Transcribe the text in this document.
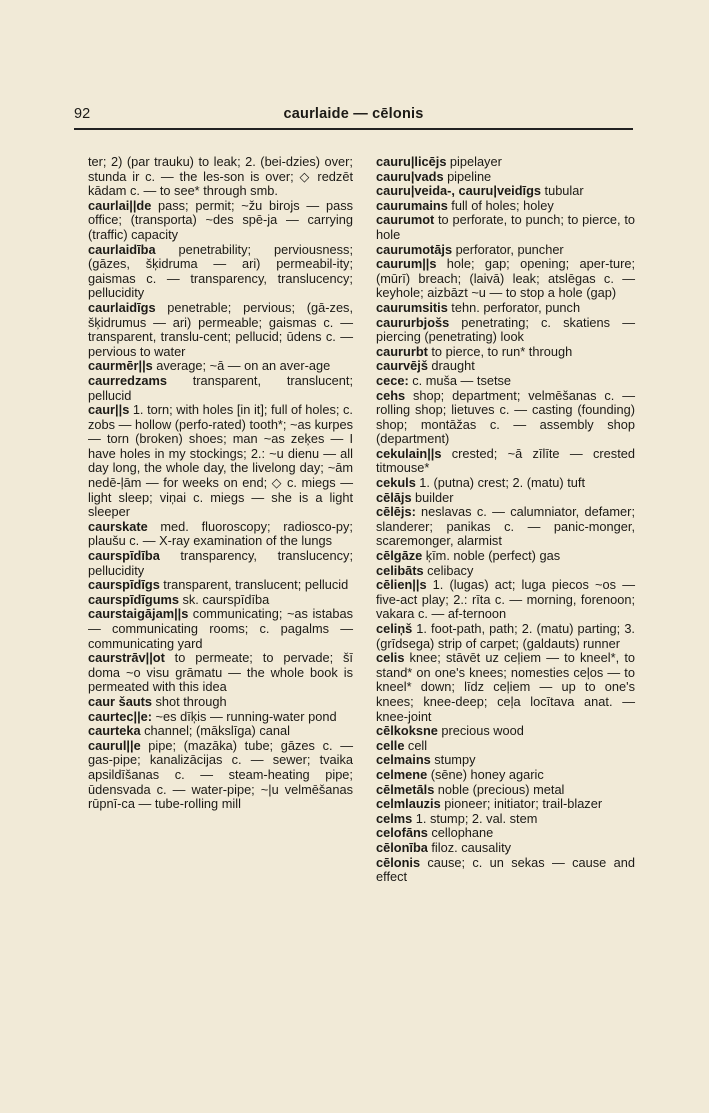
92	caurlaide — cēlonis
ter; 2) (par trauku) to leak; 2. (bei-dzies) over; stunda ir c. — the les-son is over; ◇ redzēt kādam c. — to see* through smb.
caurlai||de pass; permit; ~žu birojs — pass office; (transporta) ~des spē-ja — carrying (traffic) capacity
caurlaidība penetrability; perviousness; (gāzes, šķidruma — ari) permeabil-ity; gaismas c. — transparency, translucency; pellucidity
caurlaidīgs penetrable; pervious; (gā-zes, šķidrumus — ari) permeable; gaismas c. — transparent, translu-cent; pellucid; ūdens c. — pervious to water
caurmēr||s average; ~ā — on an aver-age
caurredzams transparent, translucent; pellucid
caur||s 1. torn; with holes [in it]; full of holes; c. zobs — hollow (perfo-rated) tooth*; ~as kurpes — torn (broken) shoes; man ~as zeķes — I have holes in my stockings; 2.: ~u dienu — all day long, the whole day, the livelong day; ~ām nedē-ļām — for weeks on end; ◇ c. miegs — light sleep; viņai c. miegs — she is a light sleeper
caurskate med. fluoroscopy; radiosco-py; plaušu c. — X-ray examination of the lungs
caurspīdība transparency, translucency; pellucidity
caurspīdīgs transparent, translucent; pellucid
caurspīdīgums sk. caurspīdība
caurstaigājam||s communicating; ~as istabas — communicating rooms; c. pagalms — communicating yard
caurstrāv||ot to permeate; to pervade; šī doma ~o visu grāmatu — the whole book is permeated with this idea
caur šauts shot through
caurtec||e: ~es dīķis — running-water pond
caurteka channel; (mākslīga) canal
caurul||e pipe; (mazāka) tube; gāzes c. — gas-pipe; kanalizācijas c. — sewer; tvaika apsildīšanas c. — steam-heating pipe; ūdensvada c. — water-pipe; ~|u velmēšanas rūpnī-ca — tube-rolling mill
cauru|licējs pipelayer
cauru|vads pipeline
cauru|veida-, cauru|veidīgs tubular
caurumains full of holes; holey
caurumot to perforate, to punch; to pierce, to hole
caurumotājs perforator, puncher
caurum||s hole; gap; opening; aper-ture; (mūrī) breach; (laivā) leak; atslēgas c. — keyhole; aizbāzt ~u — to stop a hole (gap)
caurumsitis tehn. perforator, punch
caururbjošs penetrating; c. skatiens — piercing (penetrating) look
caururbt to pierce, to run* through
caurvējš draught
cece: c. muša — tsetse
cehs shop; department; velmēšanas c. — rolling shop; lietuves c. — casting (founding) shop; montāžas c. — assembly shop (department)
cekulain||s crested; ~ā zīlīte — crested titmouse*
cekuls 1. (putna) crest; 2. (matu) tuft
cēlājs builder
cēlējs: neslavas c. — calumniator, defamer; slanderer; panikas c. — panic-monger, scaremonger, alarmist
cēlgāze ķīm. noble (perfect) gas
celibāts celibacy
cēlien||s 1. (lugas) act; luga piecos ~os — five-act play; 2.: rīta c. — morning, forenoon; vakara c. — af-ternoon
celiņš 1. foot-path, path; 2. (matu) parting; 3. (grīdsega) strip of carpet; (galdauts) runner
celis knee; stāvēt uz ceļiem — to kneel*, to stand* on one's knees; nomesties ceļos — to kneel* down; līdz ceļiem — up to one's knees; knee-deep; ceļa locītava anat. — knee-joint
cēlkoksne precious wood
celle cell
celmains stumpy
celmene (sēne) honey agaric
cēlmetāls noble (precious) metal
celmlauzis pioneer; initiator; trail-blazer
celms 1. stump; 2. val. stem
celofāns cellophane
cēlonība filoz. causality
cēlonis cause; c. un sekas — cause and effect
